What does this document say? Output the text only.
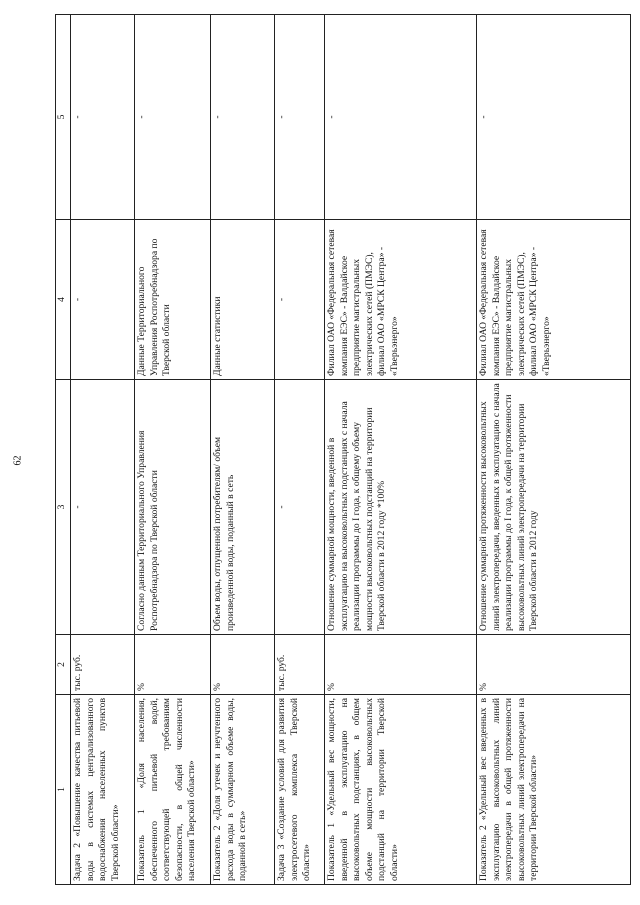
62
1	2	3	4	5
Задача 2 «Повышение качества питьевой воды в системах централизованного водоснабжения населенных пунктов Тверской области»	тыс. руб.	-	-	-
Показатель 1 «Доля населения, обеспеченного питьевой водой, соответствующей требованиям безопасности, в общей численности населения Тверской области»	%	Согласно данным Территориального Управления Роспотребнадзора по Тверской области	Данные Территориального Управления Роспотребнадзора по Тверской области	-
Показатель 2 «Доля утечек и неучтенного расхода воды в суммарном объеме воды, поданной в сеть»	%	Объем воды, отпущенной потребителям/ объем произведенной воды, поданный в сеть	Данные статистики	-
Задача 3 «Создание условий для развития электросетевого комплекса Тверской области»	тыс. руб.	-	-	-
Показатель 1 «Удельный вес мощности, введенной в эксплуатацию на высоковольтных подстанциях, в общем объеме мощности высоковольтных подстанций на территории Тверской области»	%	Отношение суммарной мощности, введенной в эксплуатацию на высоковольтных подстанциях с начала реализации программы до I года, к общему объему мощности высоковольтных подстанций на территории Тверской области в 2012 году *100%	Филиал ОАО «Федеральная сетевая компания ЕЭС» - Валдайское предприятие магистральных электрических сетей (ПМЭС), филиал ОАО «МРСК Центра» - «Тверьэнерго»	-
Показатель 2 «Удельный вес введенных в эксплуатацию высоковольтных линий электропередачи в общей протяженности высоковольтных линий электропередачи на территории Тверской области»	%	Отношение суммарной протяженности высоковольтных линий электропередачи, введенных в эксплуатацию с начала реализации программы до I года, к общей протяженности высоковольтных линий электропередачи на территории Тверской области в 2012 году	Филиал ОАО «Федеральная сетевая компания ЕЭС» - Валдайское предприятие магистральных электрических сетей (ПМЭС), филиал ОАО «МРСК Центра» - «Тверьэнерго»	-
